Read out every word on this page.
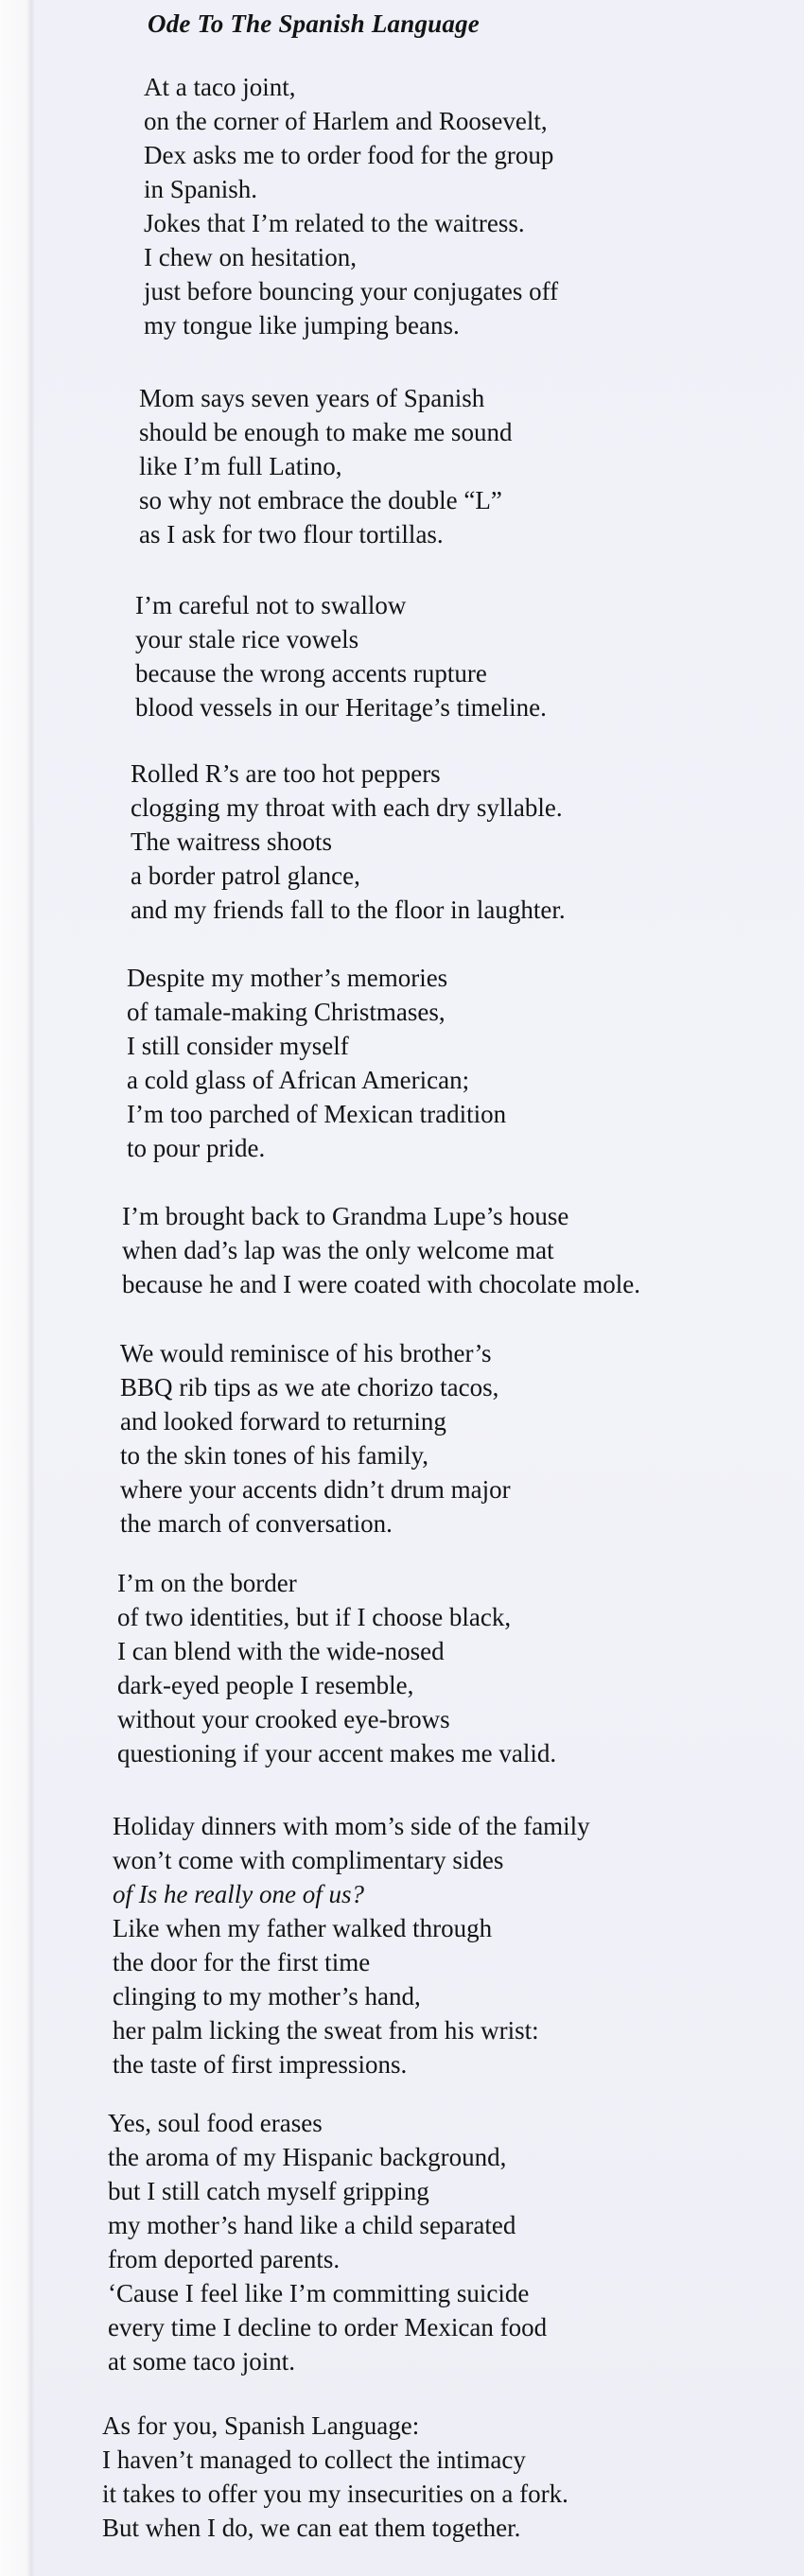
Ode To The Spanish Language
At a taco joint,
on the corner of Harlem and Roosevelt,
Dex asks me to order food for the group
in Spanish.
Jokes that I’m related to the waitress.
I chew on hesitation,
just before bouncing your conjugates off
my tongue like jumping beans.
Mom says seven years of Spanish
should be enough to make me sound
like I’m full Latino,
so why not embrace the double “L”
as I ask for two flour tortillas.
I’m careful not to swallow
your stale rice vowels
because the wrong accents rupture
blood vessels in our Heritage’s timeline.
Rolled R’s are too hot peppers
clogging my throat with each dry syllable.
The waitress shoots
a border patrol glance,
and my friends fall to the floor in laughter.
Despite my mother’s memories
of tamale-making Christmases,
I still consider myself
a cold glass of African American;
I’m too parched of Mexican tradition
to pour pride.
I’m brought back to Grandma Lupe’s house
when dad’s lap was the only welcome mat
because he and I were coated with chocolate mole.
We would reminisce of his brother’s
BBQ rib tips as we ate chorizo tacos,
and looked forward to returning
to the skin tones of his family,
where your accents didn’t drum major
the march of conversation.
I’m on the border
of two identities, but if I choose black,
I can blend with the wide-nosed
dark-eyed people I resemble,
without your crooked eye-brows
questioning if your accent makes me valid.
Holiday dinners with mom’s side of the family
won’t come with complimentary sides
of Is he really one of us?
Like when my father walked through
the door for the first time
clinging to my mother’s hand,
her palm licking the sweat from his wrist:
the taste of first impressions.
Yes, soul food erases
the aroma of my Hispanic background,
but I still catch myself gripping
my mother’s hand like a child separated
from deported parents.
‘Cause I feel like I’m committing suicide
every time I decline to order Mexican food
at some taco joint.
As for you, Spanish Language:
I haven’t managed to collect the intimacy
it takes to offer you my insecurities on a fork.
But when I do, we can eat them together.
